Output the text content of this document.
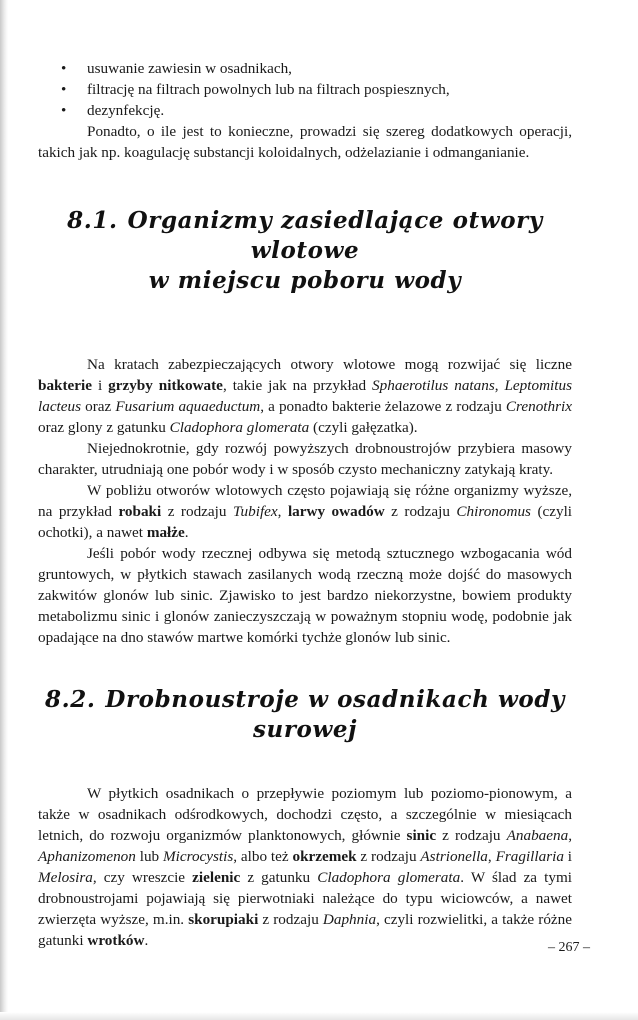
• usuwanie zawiesin w osadnikach,
• filtrację na filtrach powolnych lub na filtrach pospiesznych,
• dezynfekcję.

Ponadto, o ile jest to konieczne, prowadzi się szereg dodatkowych operacji, takich jak np. koagulację substancji koloidalnych, odżelazianie i odmanganianie.

8.1. Organizmy zasiedlające otwory wlotowe
w miejscu poboru wody

Na kratach zabezpieczających otwory wlotowe mogą rozwijać się liczne bakterie i grzyby nitkowate, takie jak na przykład Sphaerotilus natans, Leptomitus lacteus oraz Fusarium aquaeductum, a ponadto bakterie żelazowe z rodzaju Crenothrix oraz glony z gatunku Cladophora glomerata (czyli gałęzatka).

Niejednokrotnie, gdy rozwój powyższych drobnoustrojów przybiera masowy charakter, utrudniają one pobór wody i w sposób czysto mechaniczny zatykają kraty.

W pobliżu otworów wlotowych często pojawiają się różne organizmy wyższe, na przykład robaki z rodzaju Tubifex, larwy owadów z rodzaju Chironomus (czyli ochotki), a nawet małże.

Jeśli pobór wody rzecznej odbywa się metodą sztucznego wzbogacania wód gruntowych, w płytkich stawach zasilanych wodą rzeczną może dojść do masowych zakwitów glonów lub sinic. Zjawisko to jest bardzo niekorzystne, bowiem produkty metabolizmu sinic i glonów zanieczyszczają w poważnym stopniu wodę, podobnie jak opadające na dno stawów martwe komórki tychże glonów lub sinic.

8.2. Drobnoustroje w osadnikach wody surowej

W płytkich osadnikach o przepływie poziomym lub poziomo-pionowym, a także w osadnikach odśrodkowych, dochodzi często, a szczególnie w miesiącach letnich, do rozwoju organizmów planktonowych, głównie sinic z rodzaju Anabaena, Aphanizomenon lub Microcystis, albo też okrzemek z rodzaju Astrionella, Fragillaria i Melosira, czy wreszcie zielenic z gatunku Cladophora glomerata. W ślad za tymi drobnoustrojami pojawiają się pierwotniaki należące do typu wiciowców, a nawet zwierzęta wyższe, m.in. skorupiaki z rodzaju Daphnia, czyli rozwielitki, a także różne gatunki wrotków.	– 267 –
